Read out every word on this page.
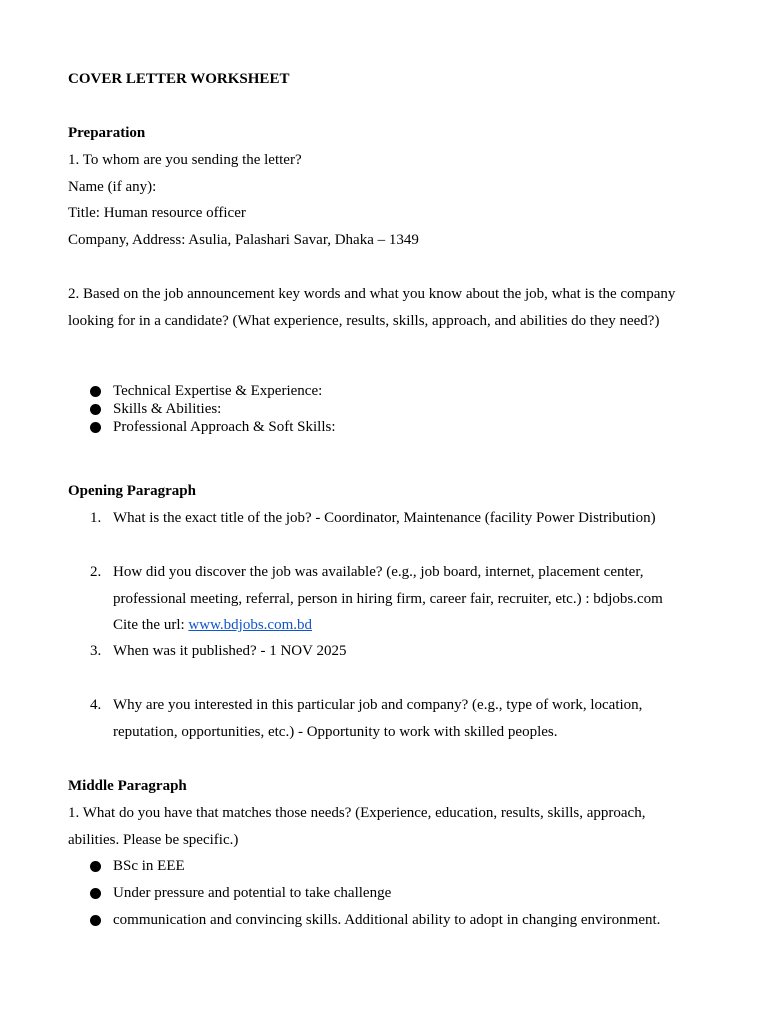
COVER LETTER WORKSHEET
Preparation
1. To whom are you sending the letter?
Name (if any):
Title: Human resource officer
Company, Address: Asulia, Palashari Savar, Dhaka – 1349
2. Based on the job announcement key words and what you know about the job, what is the company
looking for in a candidate? (What experience, results, skills, approach, and abilities do they need?)
Technical Expertise & Experience:
Skills & Abilities:
Professional Approach & Soft Skills:
Opening Paragraph
1. What is the exact title of the job? - Coordinator, Maintenance (facility Power Distribution)
2. How did you discover the job was available? (e.g., job board, internet, placement center,
professional meeting, referral, person in hiring firm, career fair, recruiter, etc.) : bdjobs.com
Cite the url: www.bdjobs.com.bd
3. When was it published? - 1 NOV 2025
4. Why are you interested in this particular job and company? (e.g., type of work, location,
reputation, opportunities, etc.) - Opportunity to work with skilled peoples.
Middle Paragraph
1. What do you have that matches those needs? (Experience, education, results, skills, approach,
abilities. Please be specific.)
BSc in EEE
Under pressure and potential to take challenge
communication and convincing skills. Additional ability to adopt in changing environment.
